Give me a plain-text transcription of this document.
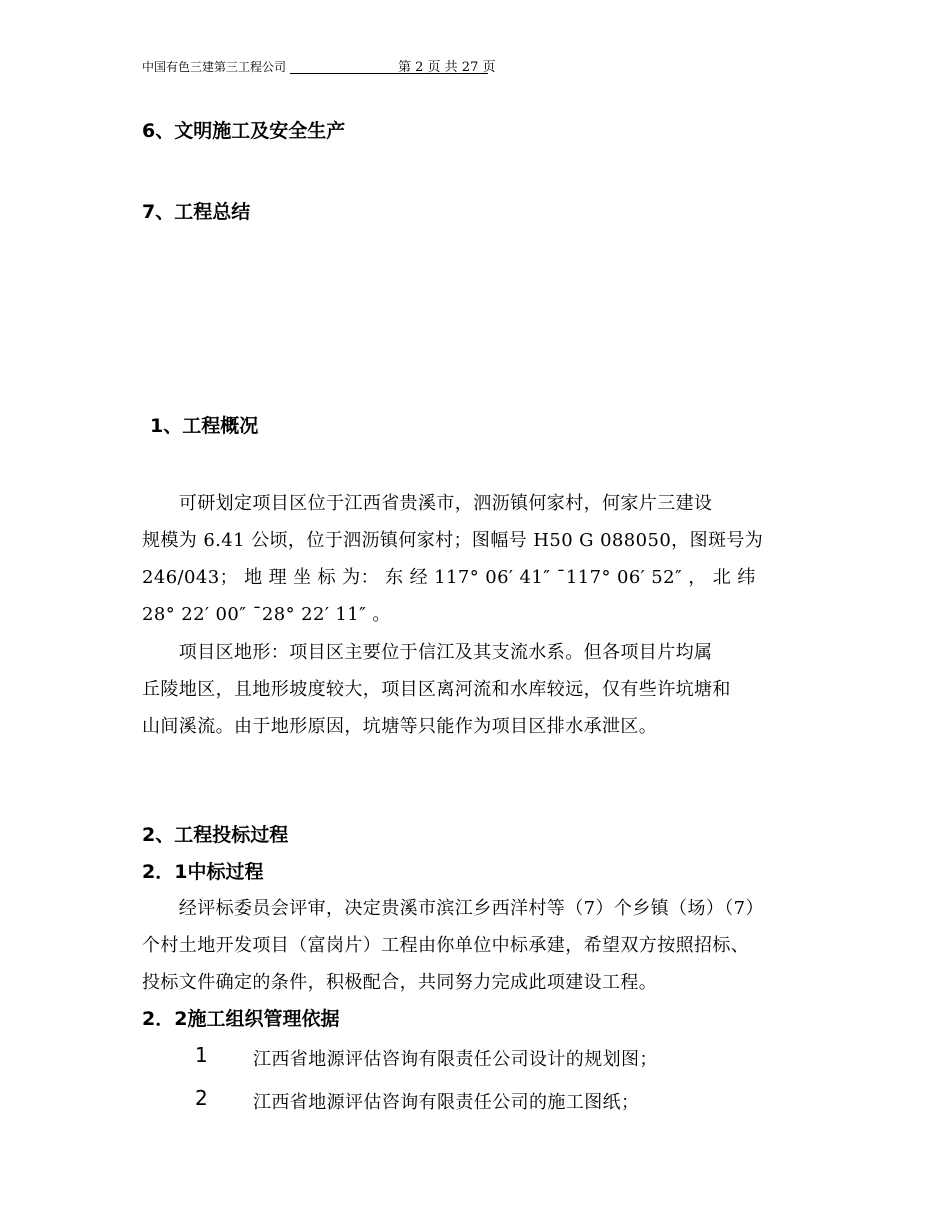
中国有色三建第三工程公司	第 2 页 共 27 页
6、文明施工及安全生产
7、工程总结
1、工程概况
　　可研划定项目区位于江西省贵溪市，泗沥镇何家村，何家片三建设
规模为 6.41 公顷，位于泗沥镇何家村；图幅号 H50 G 088050，图斑号为
246/043； 地 理 坐 标 为： 东 经 117° 06′ 41″ ¯117° 06′ 52″ ， 北 纬
28° 22′ 00″ ¯28° 22′ 11″ 。
　　项目区地形：项目区主要位于信江及其支流水系。但各项目片均属
丘陵地区，且地形坡度较大，项目区离河流和水库较远，仅有些许坑塘和
山间溪流。由于地形原因，坑塘等只能作为项目区排水承泄区。
2、工程投标过程
2．1中标过程
　　经评标委员会评审，决定贵溪市滨江乡西洋村等（7）个乡镇（场）（7）
个村土地开发项目（富岗片）工程由你单位中标承建，希望双方按照招标、
投标文件确定的条件，积极配合，共同努力完成此项建设工程。
2．2施工组织管理依据
1	江西省地源评估咨询有限责任公司设计的规划图；
2	江西省地源评估咨询有限责任公司的施工图纸；
